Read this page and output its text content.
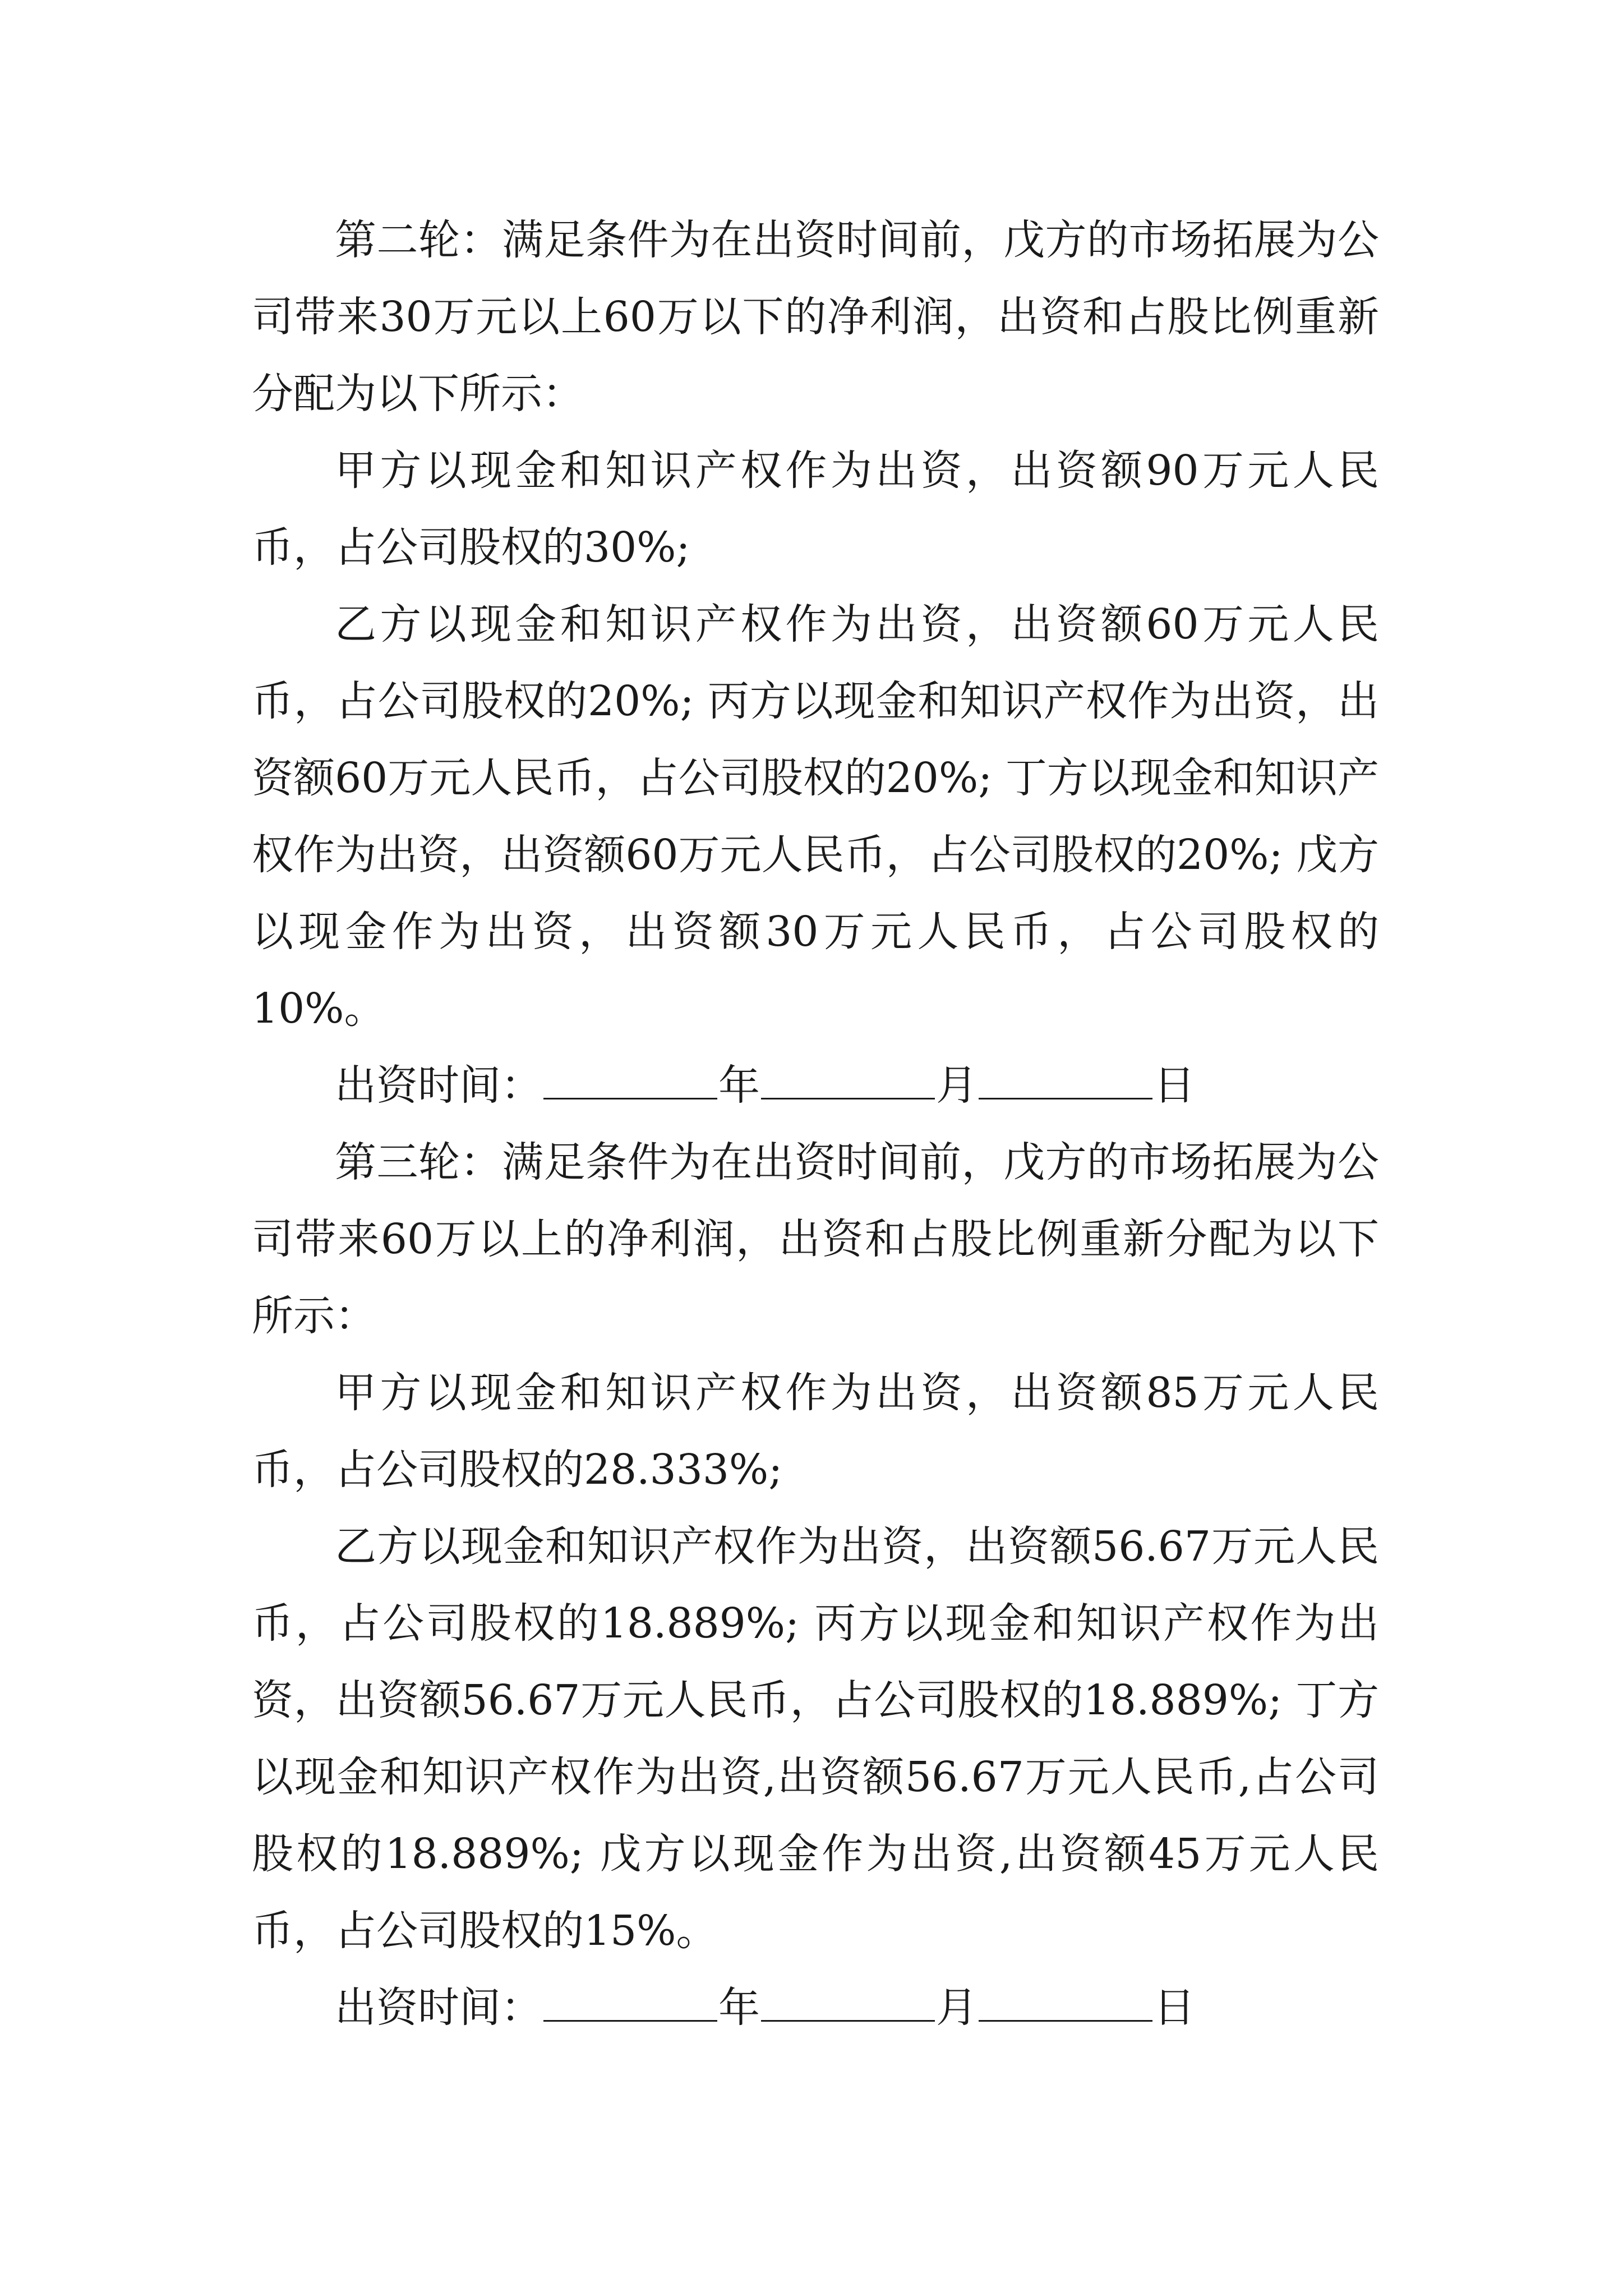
第二轮：满足条件为在出资时间前，戊方的市场拓展为公司带来30万元以上60万以下的净利润，出资和占股比例重新分配为以下所示：

甲方以现金和知识产权作为出资，出资额90万元人民币，占公司股权的30%;

乙方以现金和知识产权作为出资，出资额60万元人民币，占公司股权的20%; 丙方以现金和知识产权作为出资，出资额60万元人民币，占公司股权的20%; 丁方以现金和知识产权作为出资，出资额60万元人民币，占公司股权的20%; 戊方以现金作为出资，出资额30万元人民币，占公司股权的10%。

出资时间：	年	月	日

第三轮：满足条件为在出资时间前，戊方的市场拓展为公司带来60万以上的净利润，出资和占股比例重新分配为以下所示：

甲方以现金和知识产权作为出资，出资额85万元人民币，占公司股权的28.333%;

乙方以现金和知识产权作为出资，出资额56.67万元人民币，占公司股权的18.889%; 丙方以现金和知识产权作为出资，出资额56.67万元人民币，占公司股权的18.889%; 丁方以现金和知识产权作为出资,出资额56.67万元人民币,占公司股权的18.889%; 戊方以现金作为出资,出资额45万元人民币，占公司股权的15%。

出资时间：	年	月	日
